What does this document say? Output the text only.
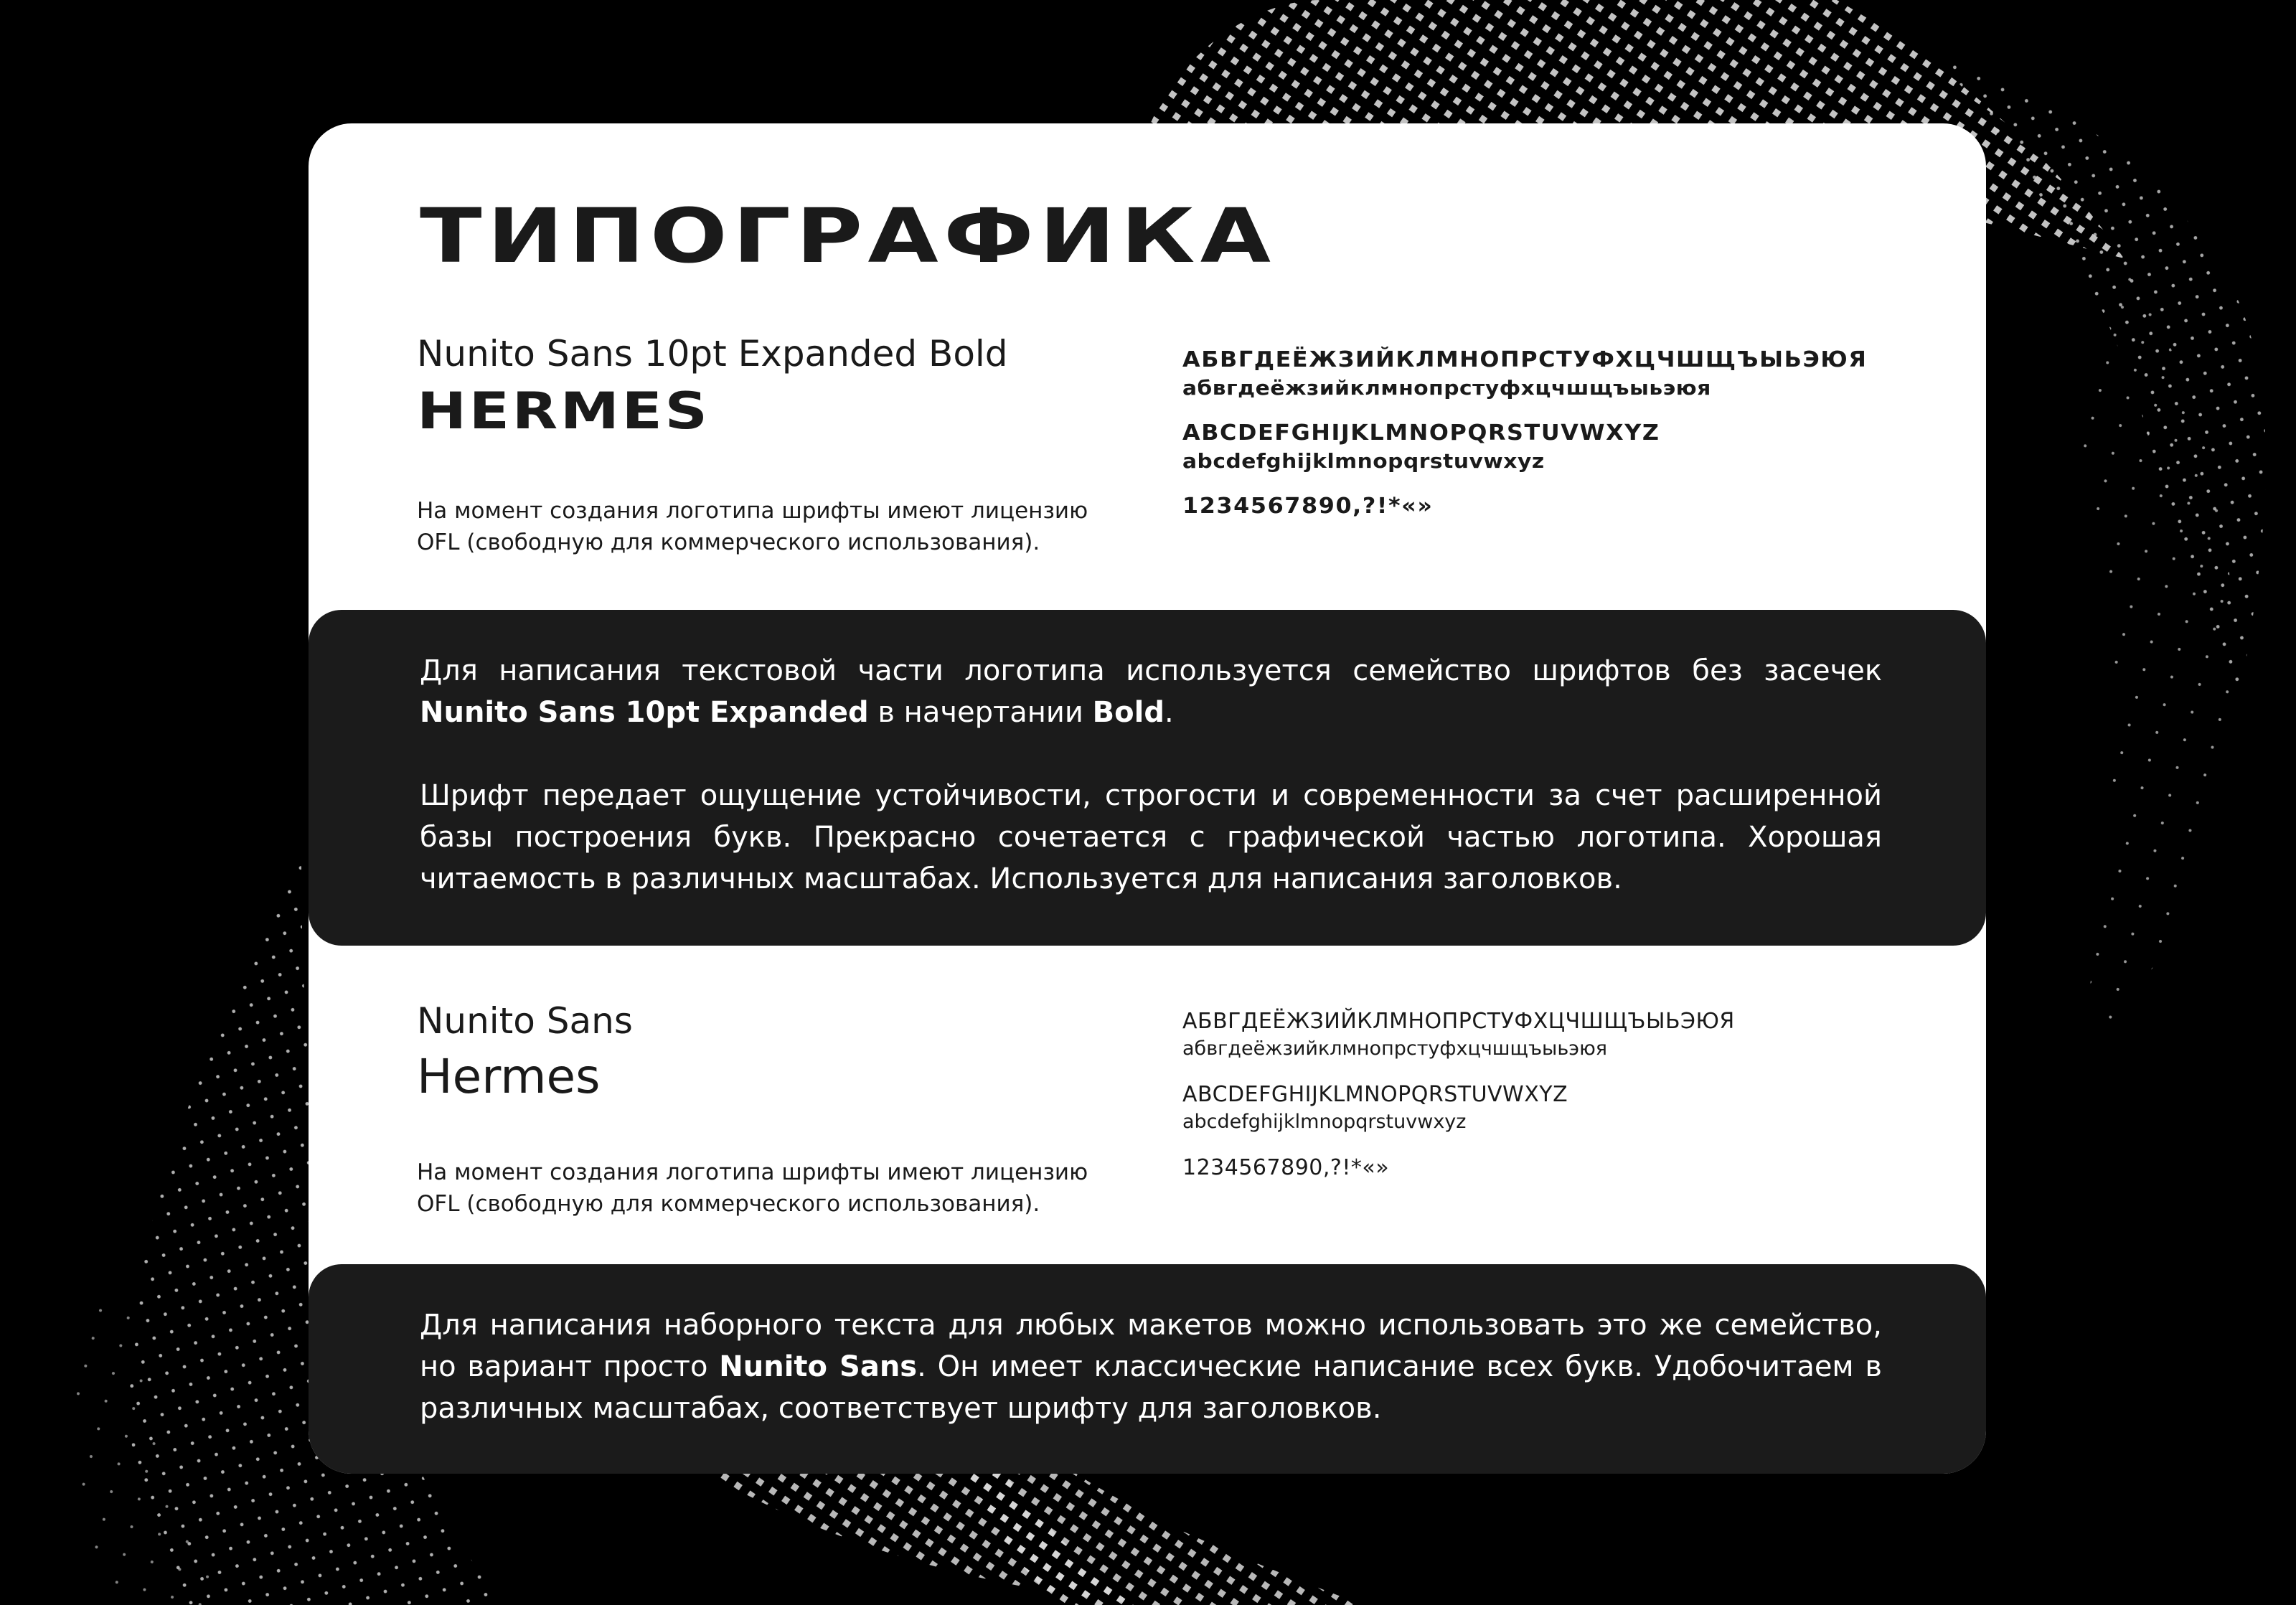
ТИПОГРАФИКА
Nunito Sans 10pt Expanded Bold
HERMES
На момент создания логотипа шрифты имеют лицензию
OFL (свободную для коммерческого использования).
АБВГДЕЁЖЗИЙКЛМНОПРСТУФХЦЧШЩЪЫЬЭЮЯ
абвгдеёжзийклмнопрстуфхцчшщъыьэюя
ABCDEFGHIJKLMNOPQRSTUVWXYZ
abcdefghijklmnopqrstuvwxyz
1234567890,?!*«»

Для написания текстовой части логотипа используется семейство шрифтов без засечек Nunito Sans 10pt Expanded в начертании Bold.

Шрифт передает ощущение устойчивости, строгости и современности за счет расширенной базы построения букв. Прекрасно сочетается с графической частью логотипа. Хорошая читаемость в различных масштабах. Используется для написания заголовков.

Nunito Sans
Hermes
На момент создания логотипа шрифты имеют лицензию
OFL (свободную для коммерческого использования).
АБВГДЕЁЖЗИЙКЛМНОПРСТУФХЦЧШЩЪЫЬЭЮЯ
абвгдеёжзийклмнопрстуфхцчшщъыьэюя
ABCDEFGHIJKLMNOPQRSTUVWXYZ
abcdefghijklmnopqrstuvwxyz
1234567890,?!*«»

Для написания наборного текста для любых макетов можно использовать это же семейство, но вариант просто Nunito Sans. Он имеет классические написание всех букв. Удобочитаем в различных масштабах, соответствует шрифту для заголовков.
